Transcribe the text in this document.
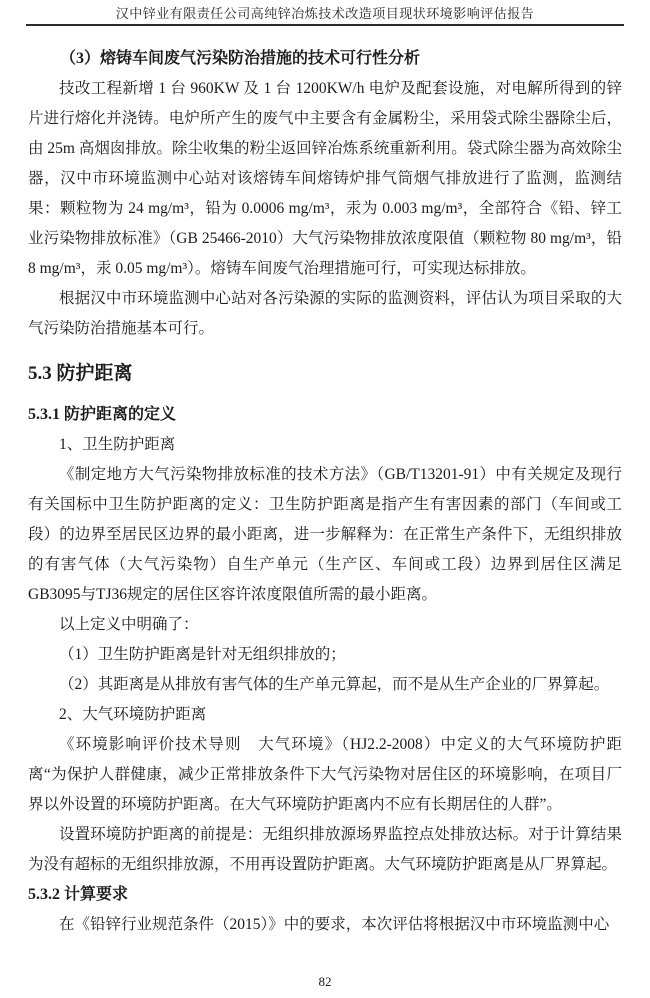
汉中锌业有限责任公司高纯锌冶炼技术改造项目现状环境影响评估报告

（3）熔铸车间废气污染防治措施的技术可行性分析

技改工程新增 1 台 960KW 及 1 台 1200KW/h 电炉及配套设施，对电解所得到的锌片进行熔化并浇铸。电炉所产生的废气中主要含有金属粉尘，采用袋式除尘器除尘后，由 25m 高烟囱排放。除尘收集的粉尘返回锌冶炼系统重新利用。袋式除尘器为高效除尘器，汉中市环境监测中心站对该熔铸车间熔铸炉排气筒烟气排放进行了监测，监测结果：颗粒物为 24 mg/m³，铅为 0.0006 mg/m³，汞为 0.003 mg/m³，全部符合《铅、锌工业污染物排放标准》（GB 25466-2010）大气污染物排放浓度限值（颗粒物 80 mg/m³，铅 8 mg/m³，汞 0.05 mg/m³）。熔铸车间废气治理措施可行，可实现达标排放。

根据汉中市环境监测中心站对各污染源的实际的监测资料，评估认为项目采取的大气污染防治措施基本可行。

5.3 防护距离
5.3.1 防护距离的定义

1、卫生防护距离

《制定地方大气污染物排放标准的技术方法》（GB/T13201-91）中有关规定及现行有关国标中卫生防护距离的定义：卫生防护距离是指产生有害因素的部门（车间或工段）的边界至居民区边界的最小距离，进一步解释为：在正常生产条件下，无组织排放的有害气体（大气污染物）自生产单元（生产区、车间或工段）边界到居住区满足GB3095与TJ36规定的居住区容许浓度限值所需的最小距离。

以上定义中明确了：

（1）卫生防护距离是针对无组织排放的；

（2）其距离是从排放有害气体的生产单元算起，而不是从生产企业的厂界算起。

2、大气环境防护距离

《环境影响评价技术导则　大气环境》（HJ2.2-2008）中定义的大气环境防护距离“为保护人群健康，减少正常排放条件下大气污染物对居住区的环境影响，在项目厂界以外设置的环境防护距离。在大气环境防护距离内不应有长期居住的人群”。

设置环境防护距离的前提是：无组织排放源场界监控点处排放达标。对于计算结果为没有超标的无组织排放源，不用再设置防护距离。大气环境防护距离是从厂界算起。

5.3.2 计算要求

在《铅锌行业规范条件（2015）》中的要求，本次评估将根据汉中市环境监测中心

82
